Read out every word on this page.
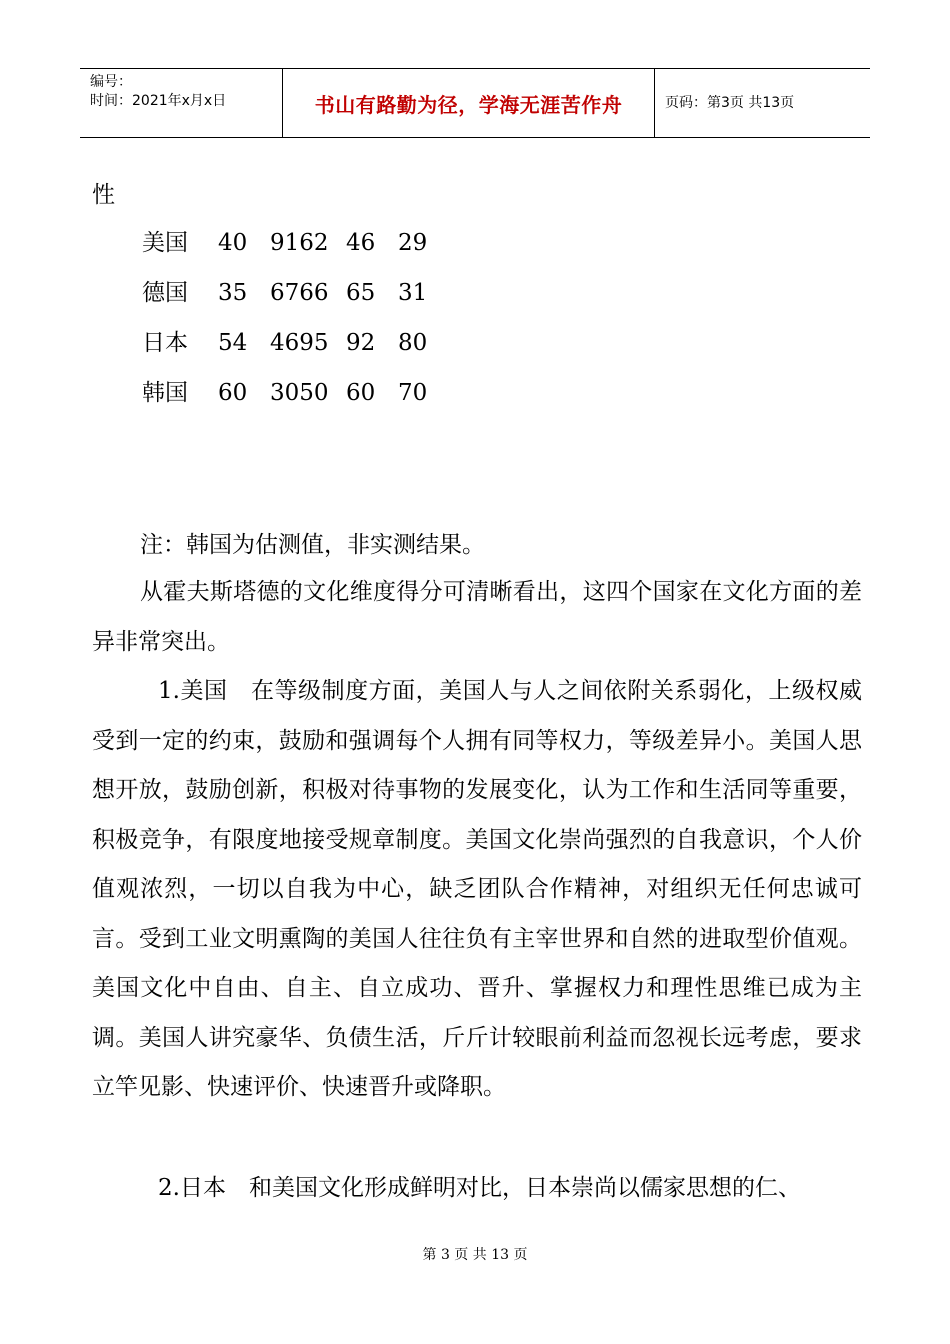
编号：
时间：2021年x月x日	书山有路勤为径，学海无涯苦作舟	页码：第3页 共13页
性
美国	40 9162 46 29
德国	35 6766 65 31
日本	54 4695 92 80
韩国	60 3050 60 70
注：韩国为估测值，非实测结果。
从霍夫斯塔德的文化维度得分可清晰看出，这四个国家在文化方面的差异非常突出。
1.美国　在等级制度方面，美国人与人之间依附关系弱化，上级权威受到一定的约束，鼓励和强调每个人拥有同等权力，等级差异小。美国人思想开放，鼓励创新，积极对待事物的发展变化，认为工作和生活同等重要，积极竞争，有限度地接受规章制度。美国文化崇尚强烈的自我意识，个人价值观浓烈，一切以自我为中心，缺乏团队合作精神，对组织无任何忠诚可言。受到工业文明熏陶的美国人往往负有主宰世界和自然的进取型价值观。美国文化中自由、自主、自立成功、晋升、掌握权力和理性思维已成为主调。美国人讲究豪华、负债生活，斤斤计较眼前利益而忽视长远考虑，要求立竿见影、快速评价、快速晋升或降职。
2.日本　和美国文化形成鲜明对比，日本崇尚以儒家思想的仁、
第 3 页 共 13 页
